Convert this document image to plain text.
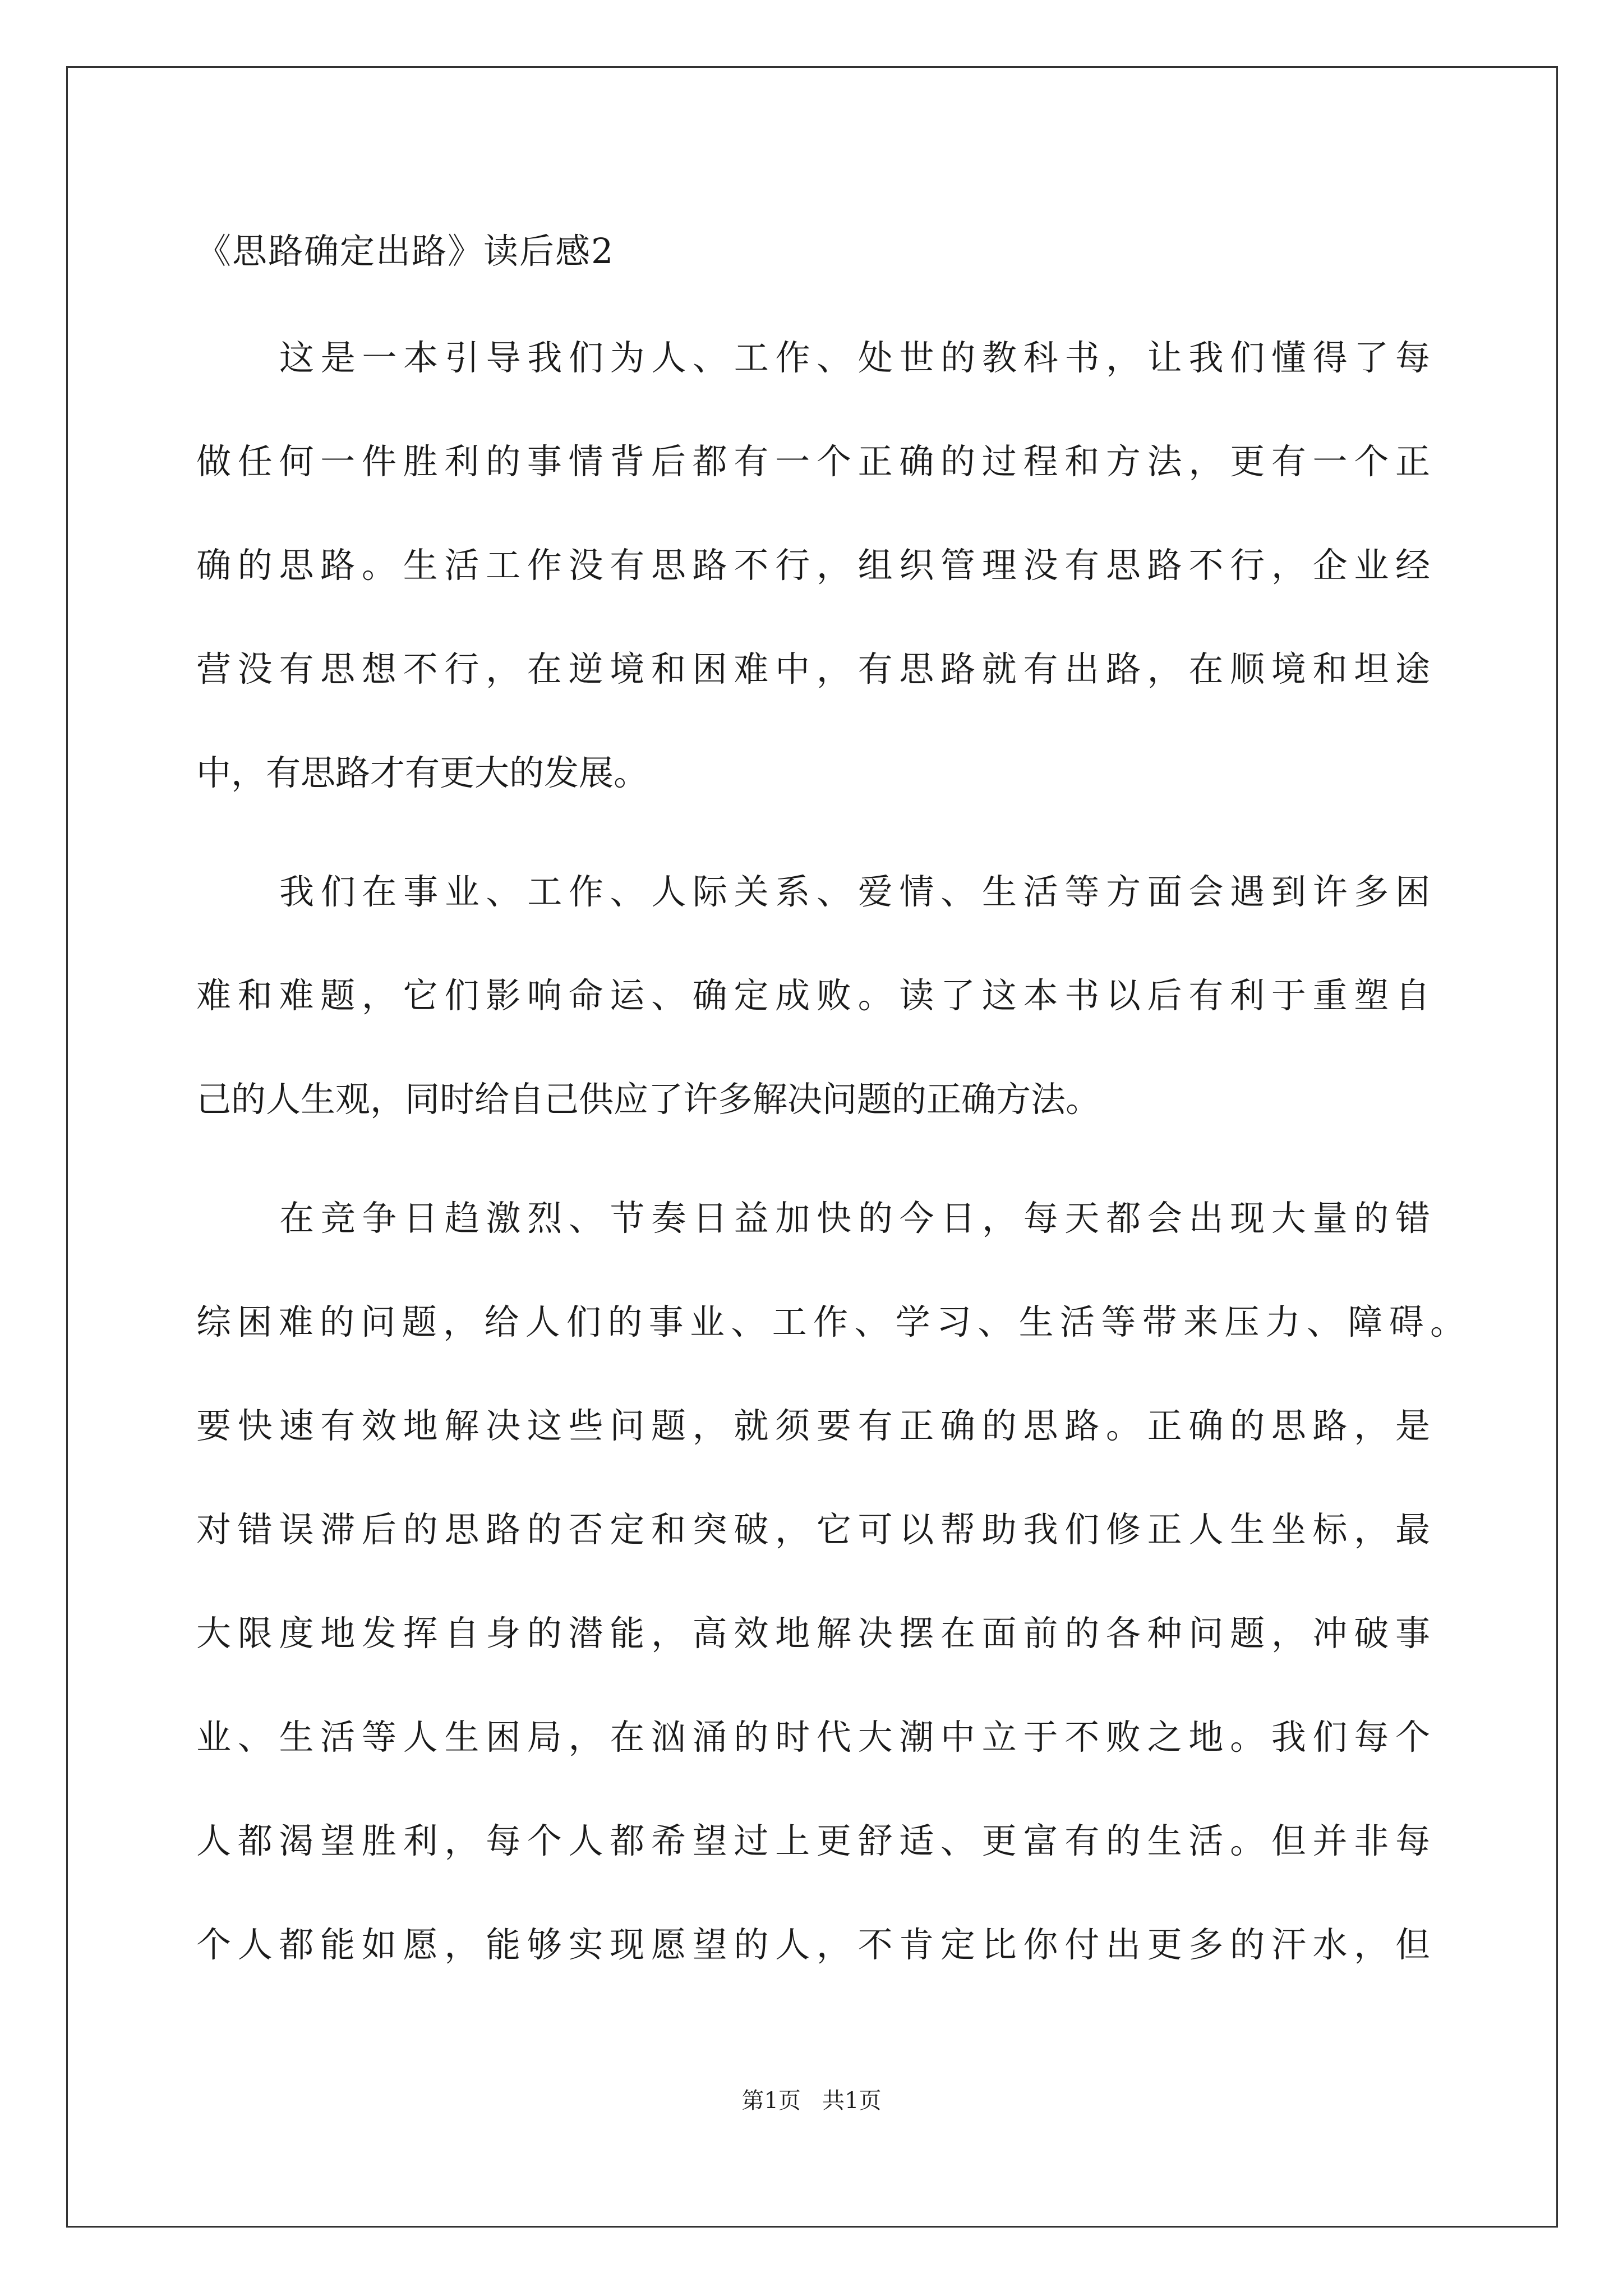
《思路确定出路》读后感2
这是一本引导我们为人、工作、处世的教科书，让我们懂得了每
做任何一件胜利的事情背后都有一个正确的过程和方法，更有一个正
确的思路。生活工作没有思路不行，组织管理没有思路不行，企业经
营没有思想不行，在逆境和困难中，有思路就有出路，在顺境和坦途
中，有思路才有更大的发展。
我们在事业、工作、人际关系、爱情、生活等方面会遇到许多困
难和难题，它们影响命运、确定成败。读了这本书以后有利于重塑自
己的人生观，同时给自己供应了许多解决问题的正确方法。
在竞争日趋激烈、节奏日益加快的今日，每天都会出现大量的错
综困难的问题，给人们的事业、工作、学习、生活等带来压力、障碍。
要快速有效地解决这些问题，就须要有正确的思路。正确的思路，是
对错误滞后的思路的否定和突破，它可以帮助我们修正人生坐标，最
大限度地发挥自身的潜能，高效地解决摆在面前的各种问题，冲破事
业、生活等人生困局，在汹涌的时代大潮中立于不败之地。我们每个
人都渴望胜利，每个人都希望过上更舒适、更富有的生活。但并非每
个人都能如愿，能够实现愿望的人，不肯定比你付出更多的汗水，但
第1页   共1页
